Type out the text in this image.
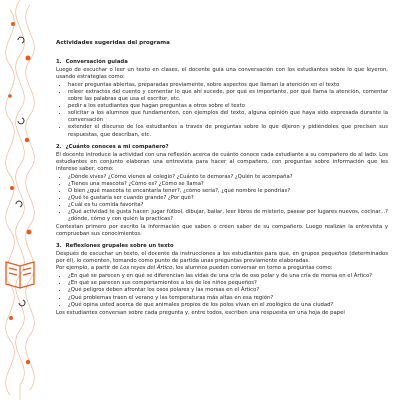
Actividades sugeridas del programa
1. Conversación guiada

Luego de escuchar o leer un texto en clases, el docente guía una conversación con los estudiantes sobre lo que leyeron, usando estrategias como:

• hacer preguntas abiertas, preparadas previamente, sobre aspectos que llaman la atención en el texto
• releer extractos del cuento y comentar lo que ahí sucede, por qué es importante, por qué llama la atención, comentar sobre las palabras que usa el escritor, etc.
• pedir a los estudiantes que hagan preguntas a otros sobre el texto
• solicitar a los alumnos que fundamenten, con ejemplos del texto, alguna opinión que haya sido expresada durante la conversación
• extender el discurso de los estudiantes a través de preguntas sobre lo que dijeron y pidiéndoles que precisen sus respuestas, que describan, etc.
2. ¿Cuánto conoces a mi compañero?

El docente introduce la actividad con una reflexión acerca de cuánto conoce cada estudiante a su compañero de al lado. Los estudiantes en conjunto elaboran una entrevista para hacer al compañero, con preguntas sobre información que les interese saber, como:

• ¿Dónde vives? ¿Cómo vienes al colegio? ¿Cuánto te demoras? ¿Quién te acompaña?
• ¿Tienes una mascota? ¿Cómo es? ¿Cómo se llama?
• O bien ¿qué mascota te encantaría tener?, ¿cómo sería?, ¿qué nombre le pondrías?
• ¿Qué te gustaría ser cuando grande? ¿Por qué?
• ¿Cuál es tu comida favorita?
• ¿Qué actividad te gusta hacer: jugar fútbol, dibujar, bailar, leer libros de misterio, pasear por lugares nuevos, cocinar...? ¿dónde, cómo y con quién la practicas?

Contestan primero por escrito la información que saben o creen saber de su compañero. Luego realizan la entrevista y comprueban sus conocimientos.

3. Reflexiones grupales sobre un texto

Después de escuchar un texto, el docente da instrucciones a los estudiantes para que, en grupos pequeños (determinados por él), lo comenten, tomando como punto de partida unas preguntas previamente elaboradas.

Por ejemplo, a partir de Los reyes del Ártico, los alumnos pueden conversar en torno a preguntas como:

• ¿En qué se parecen y en qué se diferencian las vidas de una cría de oso polar y de una cría de morsa en el Ártico?
• ¿En qué se parecen sus comportamientos a los de los niños pequeños?
• ¿Qué peligros deben afrontar los osos polares y las morsas en el Ártico?
• ¿Qué problemas traen el verano y las temperaturas más altas en esa región?
• ¿Qué opina usted acerca de que animales propios de los polos vivan en el zoológico de una ciudad?

Los estudiantes conversan sobre cada pregunta y, entre todos, escriben una respuesta en una hoja de papel
